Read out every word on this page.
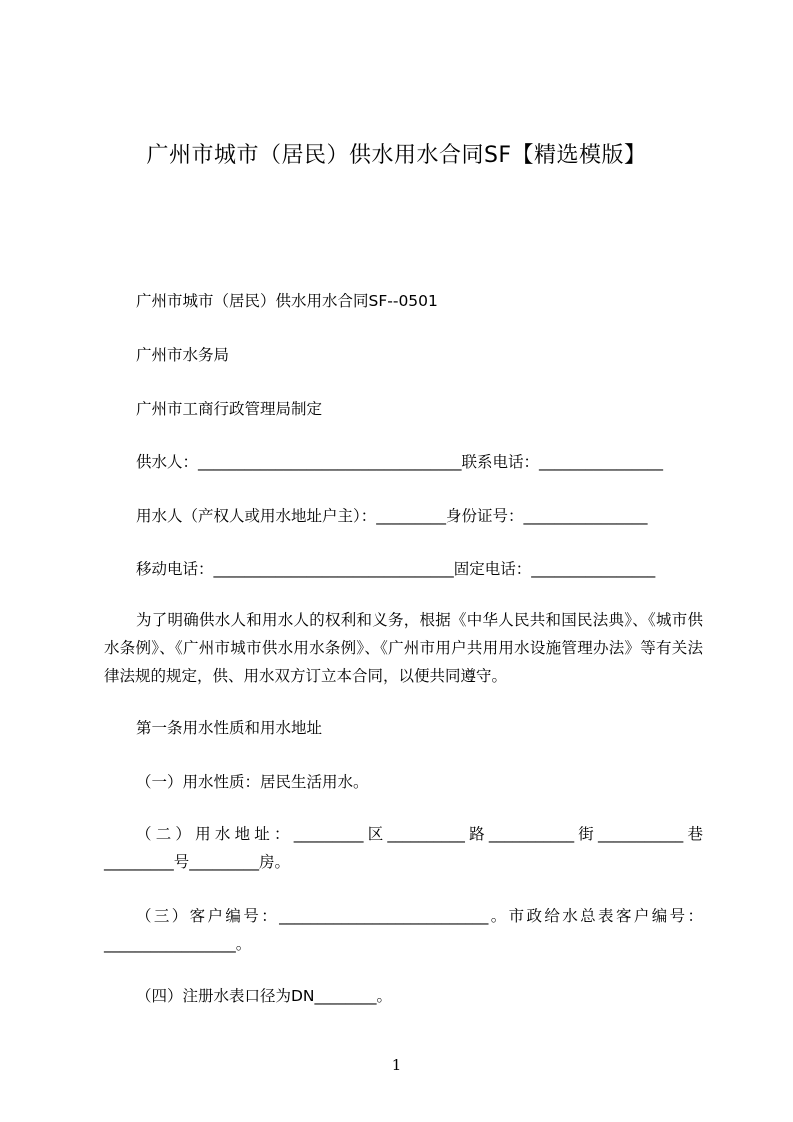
广州市城市（居民）供水用水合同SF【精选模版】
广州市城市（居民）供水用水合同SF--0501
广州市水务局
广州市工商行政管理局制定
供水人：__________________________________联系电话：________________
用水人（产权人或用水地址户主）：_________身份证号：________________
移动电话：_______________________________固定电话：________________
为了明确供水人和用水人的权利和义务，根据《中华人民共和国民法典》、《城市供水条例》、《广州市城市供水用水条例》、《广州市用户共用用水设施管理办法》等有关法律法规的规定，供、用水双方订立本合同，以便共同遵守。
第一条用水性质和用水地址
（一）用水性质：居民生活用水。
（二）用水地址：_________区__________路___________街___________巷_________号_________房。
（三）客户编号：___________________________。市政给水总表客户编号：_________________。
（四）注册水表口径为DN________。
1
